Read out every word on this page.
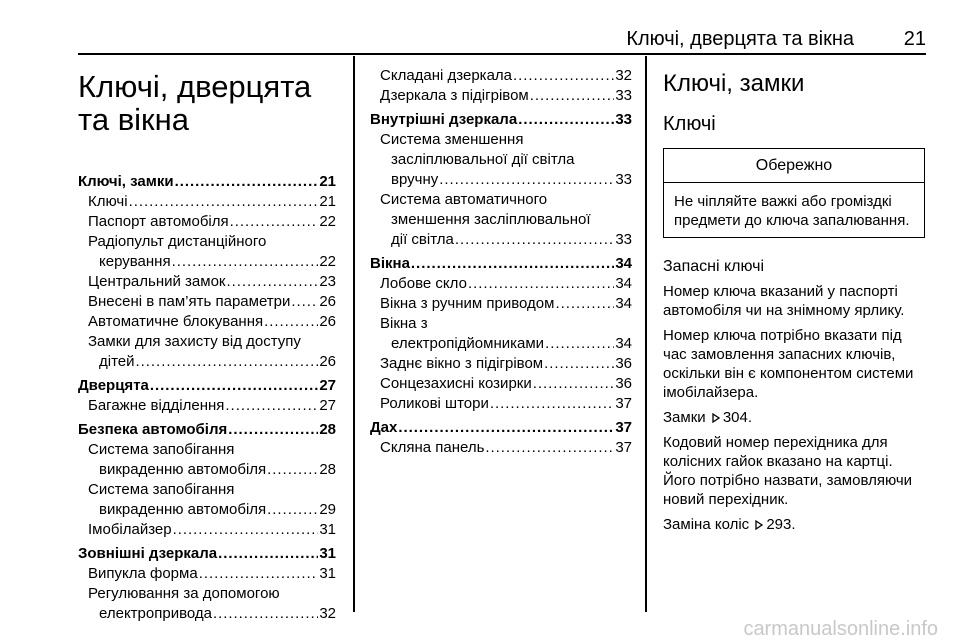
Ключі, дверцята та вікна 21
Ключі, дверцята та вікна
Ключі, замки . . .	21
Ключі . . .	21
Паспорт автомобіля . . .	22
Радіопульт дистанційного
керування . . .	22
Центральний замок . . .	23
Внесені в пам’ять параметри . . . 26
Автоматичне блокування . . .	26
Замки для захисту від доступу
дітей . . .	26
Дверцята . . .	27
Багажне відділення . . .	27
Безпека автомобіля . . .	28
Система запобігання
викраденню автомобіля . . .	28
Система запобігання
викраденню автомобіля . . .	29
Імобілайзер . . .	31
Зовнішні дзеркала . . .	31
Випукла форма . . .	31
Регулювання за допомогою
електропривода . . .	32
Складані дзеркала . . .	32
Дзеркала з підігрівом . . .	33
Внутрішні дзеркала . . .	33
Система зменшення
засліплювальної дії світла
вручну . . .	33
Система автоматичного
зменшення засліплювальної
дії світла . . .	33
Вікна . . .	34
Лобове скло . . .	34
Вікна з ручним приводом . . .	34
Вікна з
електропідйомниками . . .	34
Заднє вікно з підігрівом . . .	36
Сонцезахисні козирки . . .	36
Роликові штори . . .	37
Дах . . .	37
Скляна панель . . .	37
Ключі, замки
Ключі
Обережно
Не чіпляйте важкі або громіздкі предмети до ключа запалювання.
Запасні ключі

Номер ключа вказаний у паспорті автомобіля чи на знімному ярлику.

Номер ключа потрібно вказати під час замовлення запасних ключів, оскільки він є компонентом системи імобілайзера.

Замки 304.

Кодовий номер перехідника для колісних гайок вказано на картці. Його потрібно назвати, замовляючи новий перехідник.

Заміна коліс 293.

carmanualsonline.info
